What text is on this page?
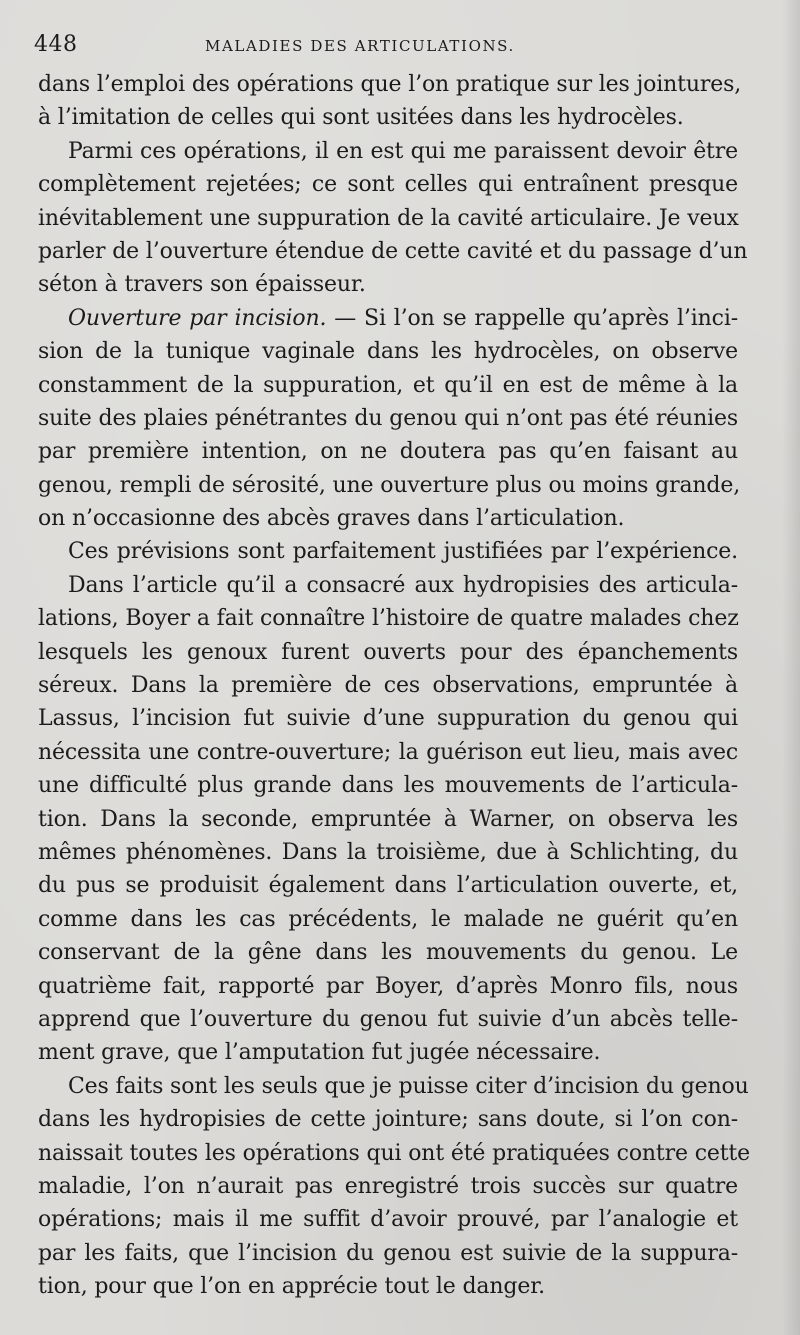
448	MALADIES DES ARTICULATIONS.
dans l’emploi des opérations que l’on pratique sur les jointures,
à l’imitation de celles qui sont usitées dans les hydrocèles.
Parmi ces opérations, il en est qui me paraissent devoir être
complètement rejetées; ce sont celles qui entraînent presque
inévitablement une suppuration de la cavité articulaire. Je veux
parler de l’ouverture étendue de cette cavité et du passage d’un
séton à travers son épaisseur.
Ouverture par incision. — Si l’on se rappelle qu’après l’inci-
sion de la tunique vaginale dans les hydrocèles, on observe
constamment de la suppuration, et qu’il en est de même à la
suite des plaies pénétrantes du genou qui n’ont pas été réunies
par première intention, on ne doutera pas qu’en faisant au
genou, rempli de sérosité, une ouverture plus ou moins grande,
on n’occasionne des abcès graves dans l’articulation.
Ces prévisions sont parfaitement justifiées par l’expérience.
Dans l’article qu’il a consacré aux hydropisies des articula-
lations, Boyer a fait connaître l’histoire de quatre malades chez
lesquels les genoux furent ouverts pour des épanchements
séreux. Dans la première de ces observations, empruntée à
Lassus, l’incision fut suivie d’une suppuration du genou qui
nécessita une contre-ouverture; la guérison eut lieu, mais avec
une difficulté plus grande dans les mouvements de l’articula-
tion. Dans la seconde, empruntée à Warner, on observa les
mêmes phénomènes. Dans la troisième, due à Schlichting, du
du pus se produisit également dans l’articulation ouverte, et,
comme dans les cas précédents, le malade ne guérit qu’en
conservant de la gêne dans les mouvements du genou. Le
quatrième fait, rapporté par Boyer, d’après Monro fils, nous
apprend que l’ouverture du genou fut suivie d’un abcès telle-
ment grave, que l’amputation fut jugée nécessaire.
Ces faits sont les seuls que je puisse citer d’incision du genou
dans les hydropisies de cette jointure; sans doute, si l’on con-
naissait toutes les opérations qui ont été pratiquées contre cette
maladie, l’on n’aurait pas enregistré trois succès sur quatre
opérations; mais il me suffit d’avoir prouvé, par l’analogie et
par les faits, que l’incision du genou est suivie de la suppura-
tion, pour que l’on en apprécie tout le danger.
